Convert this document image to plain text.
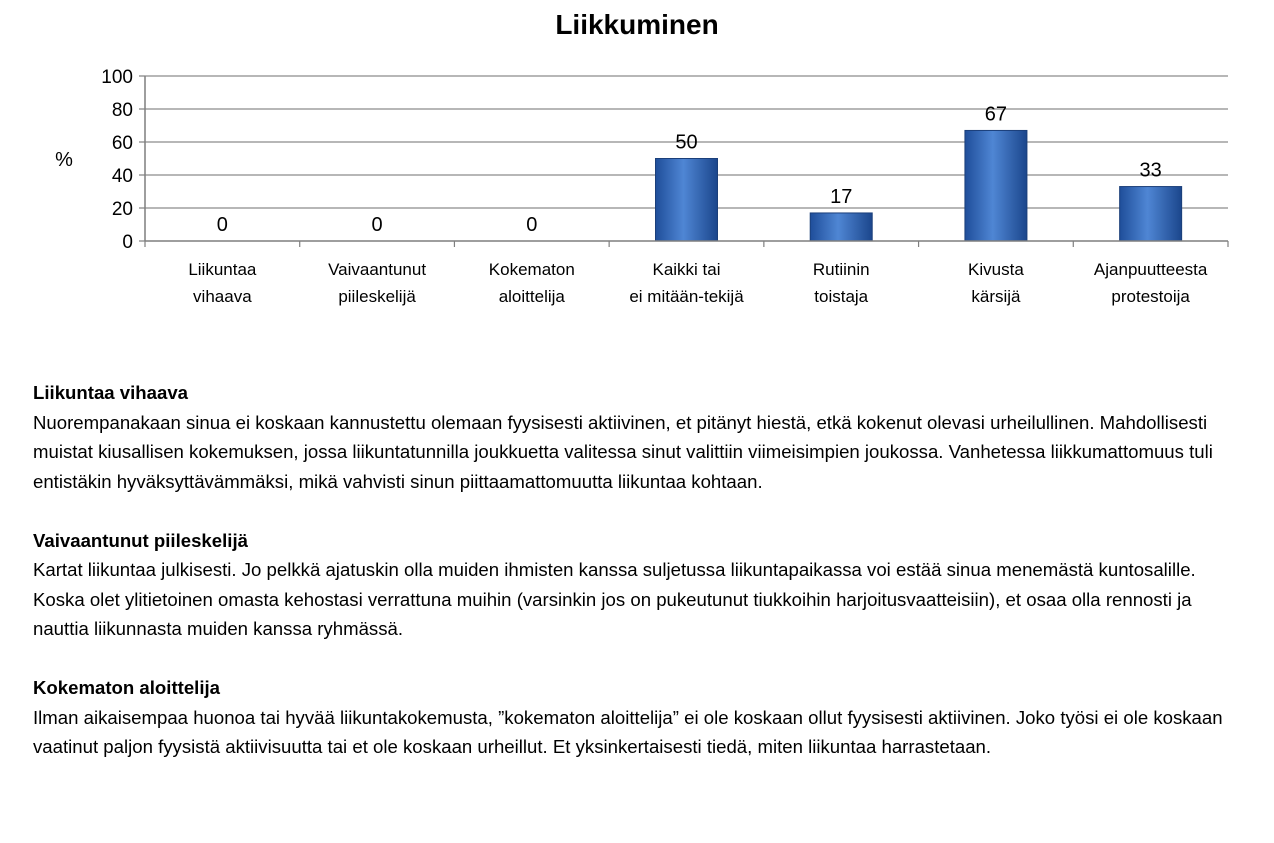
Liikkuminen
%
0
20
40
60
80
100
0	0	0
50
17
67
33
Liikuntaa
vihaava
Vaivaantunut
piileskelijä
Kokematon
aloittelija
Kaikki tai
ei mitään-tekijä
Rutiinin
toistaja
Kivusta
kärsijä
Ajanpuutteesta
protestoija
Liikuntaa vihaava
Nuorempanakaan sinua ei koskaan kannustettu olemaan fyysisesti aktiivinen, et pitänyt hiestä, etkä kokenut olevasi urheilullinen. Mahdollisesti muistat kiusallisen kokemuksen, jossa liikuntatunnilla joukkuetta valitessa sinut valittiin viimeisimpien joukossa. Vanhetessa liikkumattomuus tuli entistäkin hyväksyttävämmäksi, mikä vahvisti sinun piittaamattomuutta liikuntaa kohtaan.
Vaivaantunut piileskelijä
Kartat liikuntaa julkisesti. Jo pelkkä ajatuskin olla muiden ihmisten kanssa suljetussa liikuntapaikassa voi estää sinua menemästä kuntosalille. Koska olet ylitietoinen omasta kehostasi verrattuna muihin (varsinkin jos on pukeutunut tiukkoihin harjoitusvaatteisiin), et osaa olla rennosti ja nauttia liikunnasta muiden kanssa ryhmässä.
Kokematon aloittelija
Ilman aikaisempaa huonoa tai hyvää liikuntakokemusta, ”kokematon aloittelija” ei ole koskaan ollut fyysisesti aktiivinen. Joko työsi ei ole koskaan vaatinut paljon fyysistä aktiivisuutta tai et ole koskaan urheillut. Et yksinkertaisesti tiedä, miten liikuntaa harrastetaan.
